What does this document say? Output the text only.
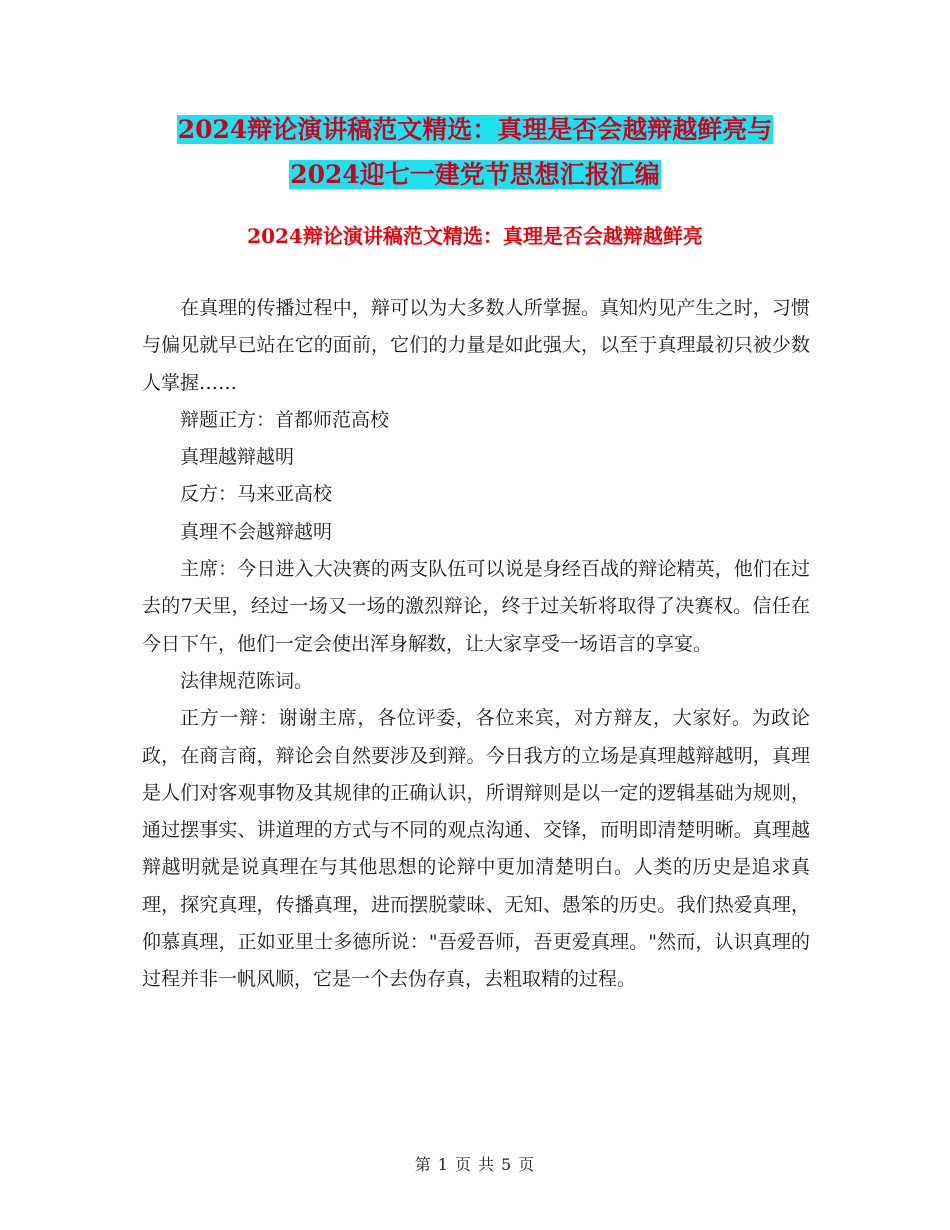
2024辩论演讲稿范文精选：真理是否会越辩越鲜亮与
2024迎七一建党节思想汇报汇编
2024辩论演讲稿范文精选：真理是否会越辩越鲜亮

在真理的传播过程中，辩可以为大多数人所掌握。真知灼见产生之时，习惯与偏见就早已站在它的面前，它们的力量是如此强大，以至于真理最初只被少数人掌握……

辩题正方：首都师范高校

真理越辩越明

反方：马来亚高校

真理不会越辩越明

主席：今日进入大决赛的两支队伍可以说是身经百战的辩论精英，他们在过去的7天里，经过一场又一场的激烈辩论，终于过关斩将取得了决赛权。信任在今日下午，他们一定会使出浑身解数，让大家享受一场语言的享宴。

法律规范陈词。

正方一辩：谢谢主席，各位评委，各位来宾，对方辩友，大家好。为政论政，在商言商，辩论会自然要涉及到辩。今日我方的立场是真理越辩越明，真理是人们对客观事物及其规律的正确认识，所谓辩则是以一定的逻辑基础为规则，通过摆事实、讲道理的方式与不同的观点沟通、交锋，而明即清楚明晰。真理越辩越明就是说真理在与其他思想的论辩中更加清楚明白。人类的历史是追求真理，探究真理，传播真理，进而摆脱蒙昧、无知、愚笨的历史。我们热爱真理，仰慕真理，正如亚里士多德所说："吾爱吾师，吾更爱真理。"然而，认识真理的过程并非一帆风顺，它是一个去伪存真，去粗取精的过程。

第 1 页 共 5 页
